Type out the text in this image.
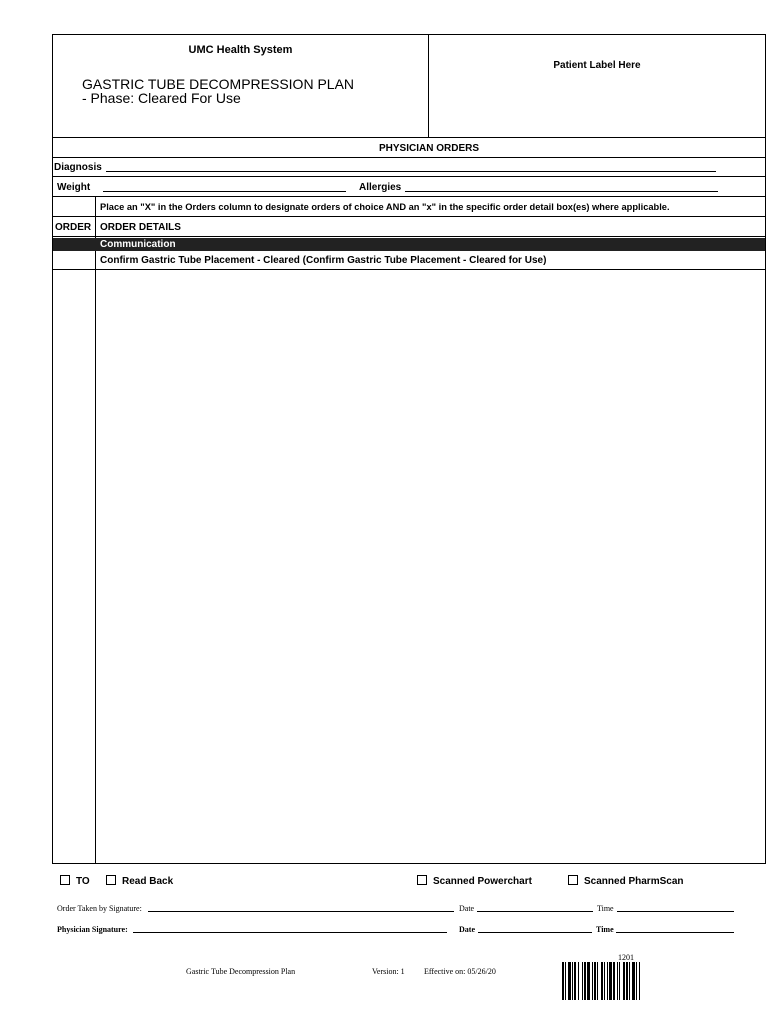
UMC Health System
GASTRIC TUBE DECOMPRESSION PLAN
- Phase: Cleared For Use
Patient Label Here
PHYSICIAN ORDERS
Diagnosis
Weight	Allergies
Place an "X" in the Orders column to designate orders of choice AND an "x" in the specific order detail box(es) where applicable.
ORDER ORDER DETAILS
Communication
Confirm Gastric Tube Placement - Cleared (Confirm Gastric Tube Placement - Cleared for Use)
TO	Read Back	Scanned Powerchart	Scanned PharmScan
Order Taken by Signature:	Date	Time
Physician Signature:	Date	Time
Gastric Tube Decompression Plan	Version: 1 Effective on: 05/26/20
1201
